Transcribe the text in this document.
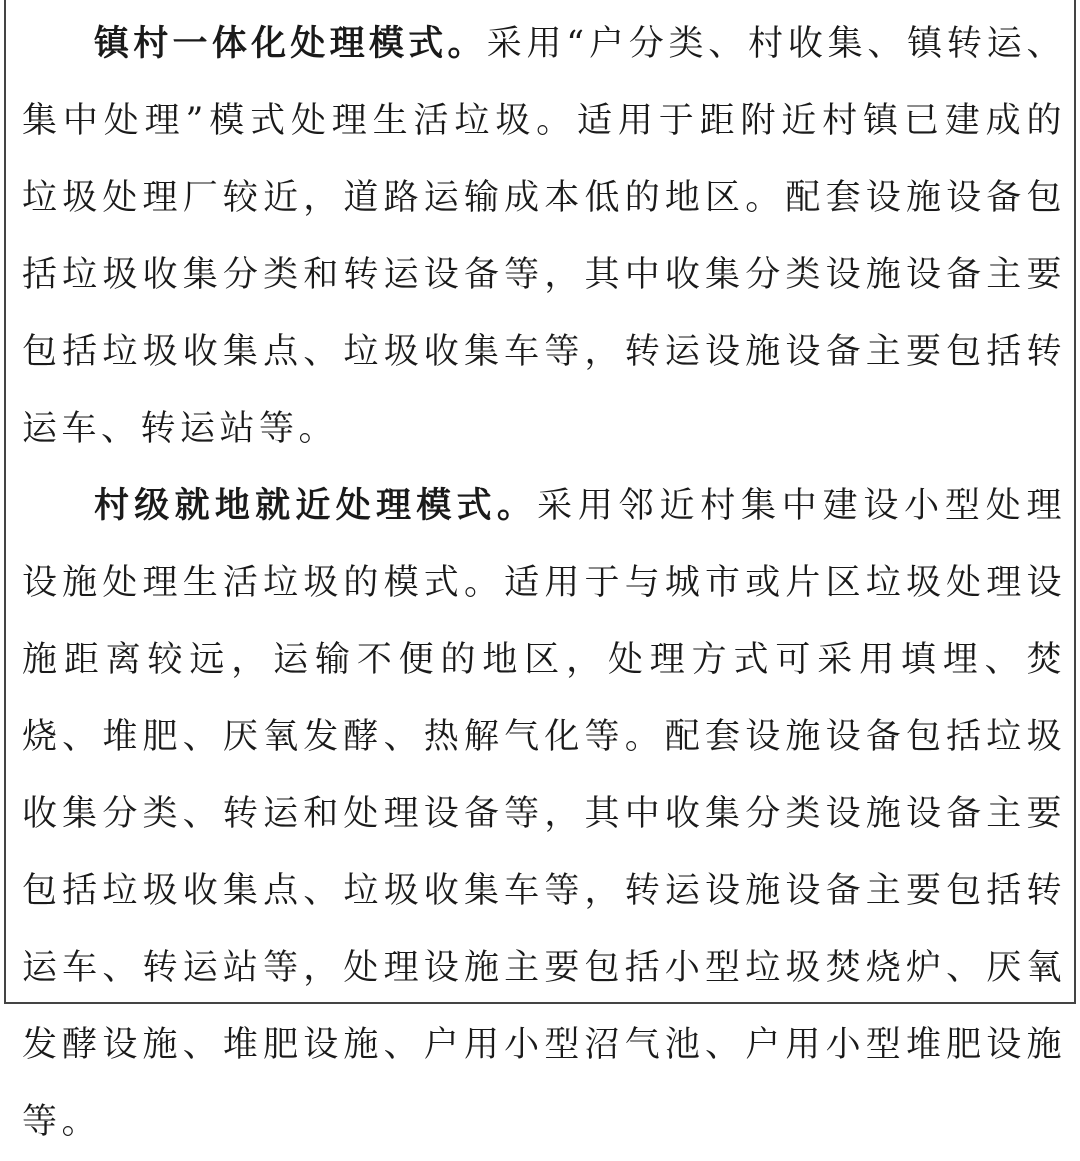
镇村一体化处理模式。采用“户分类、村收集、镇转运、集中处理”模式处理生活垃圾。适用于距附近村镇已建成的垃圾处理厂较近，道路运输成本低的地区。配套设施设备包括垃圾收集分类和转运设备等，其中收集分类设施设备主要包括垃圾收集点、垃圾收集车等，转运设施设备主要包括转运车、转运站等。

村级就地就近处理模式。采用邻近村集中建设小型处理设施处理生活垃圾的模式。适用于与城市或片区垃圾处理设施距离较远，运输不便的地区，处理方式可采用填埋、焚烧、堆肥、厌氧发酵、热解气化等。配套设施设备包括垃圾收集分类、转运和处理设备等，其中收集分类设施设备主要包括垃圾收集点、垃圾收集车等，转运设施设备主要包括转运车、转运站等，处理设施主要包括小型垃圾焚烧炉、厌氧发酵设施、堆肥设施、户用小型沼气池、户用小型堆肥设施等。
